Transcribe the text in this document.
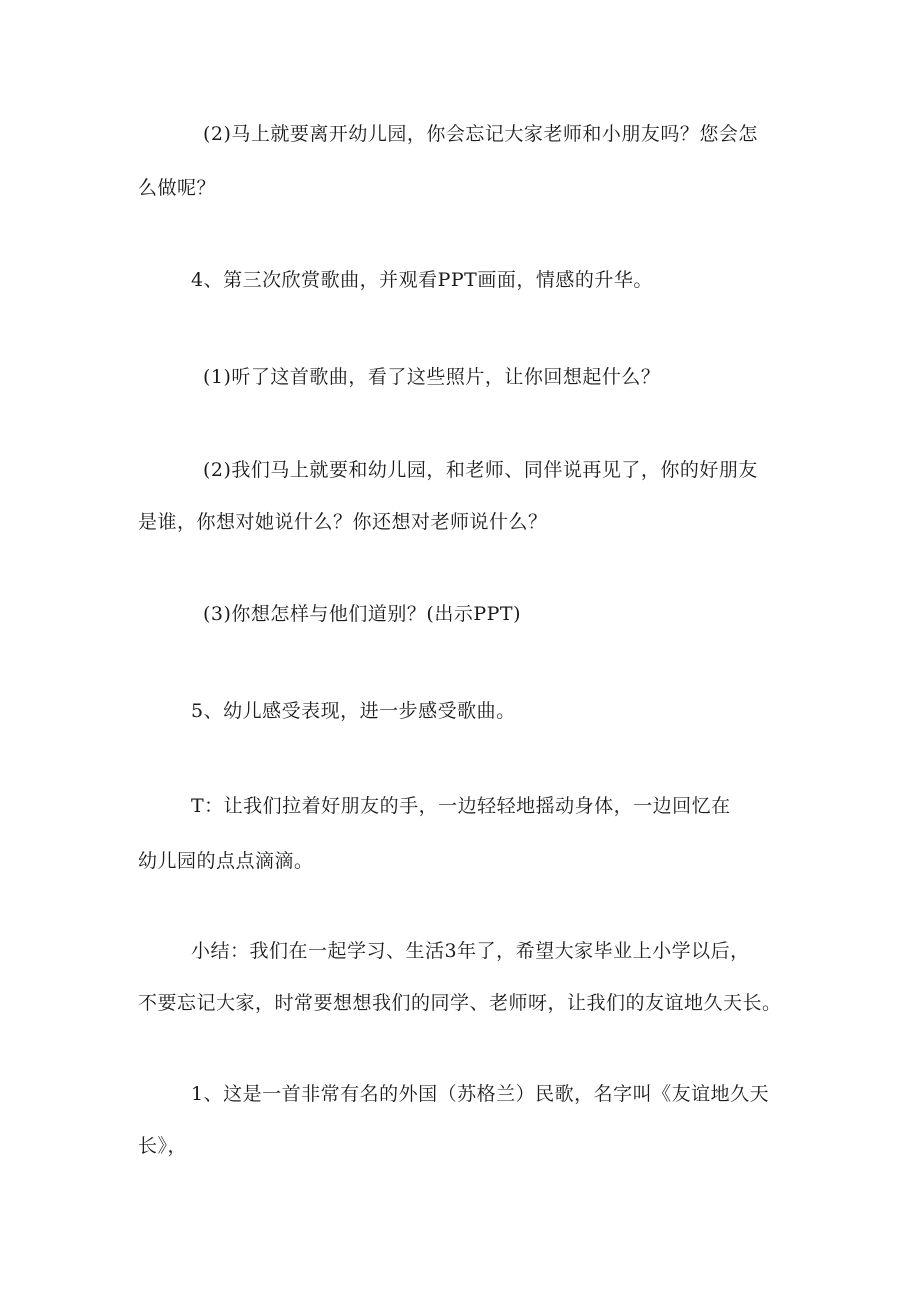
(2)马上就要离开幼儿园，你会忘记大家老师和小朋友吗？您会怎
么做呢？
4、第三次欣赏歌曲，并观看PPT画面，情感的升华。
(1)听了这首歌曲，看了这些照片，让你回想起什么？
(2)我们马上就要和幼儿园，和老师、同伴说再见了，你的好朋友
是谁，你想对她说什么？你还想对老师说什么？
(3)你想怎样与他们道别？(出示PPT)
5、幼儿感受表现，进一步感受歌曲。
T：让我们拉着好朋友的手，一边轻轻地摇动身体，一边回忆在
幼儿园的点点滴滴。
小结：我们在一起学习、生活3年了，希望大家毕业上小学以后，
不要忘记大家，时常要想想我们的同学、老师呀，让我们的友谊地久天长。
1、这是一首非常有名的外国（苏格兰）民歌，名字叫《友谊地久天
长》，
